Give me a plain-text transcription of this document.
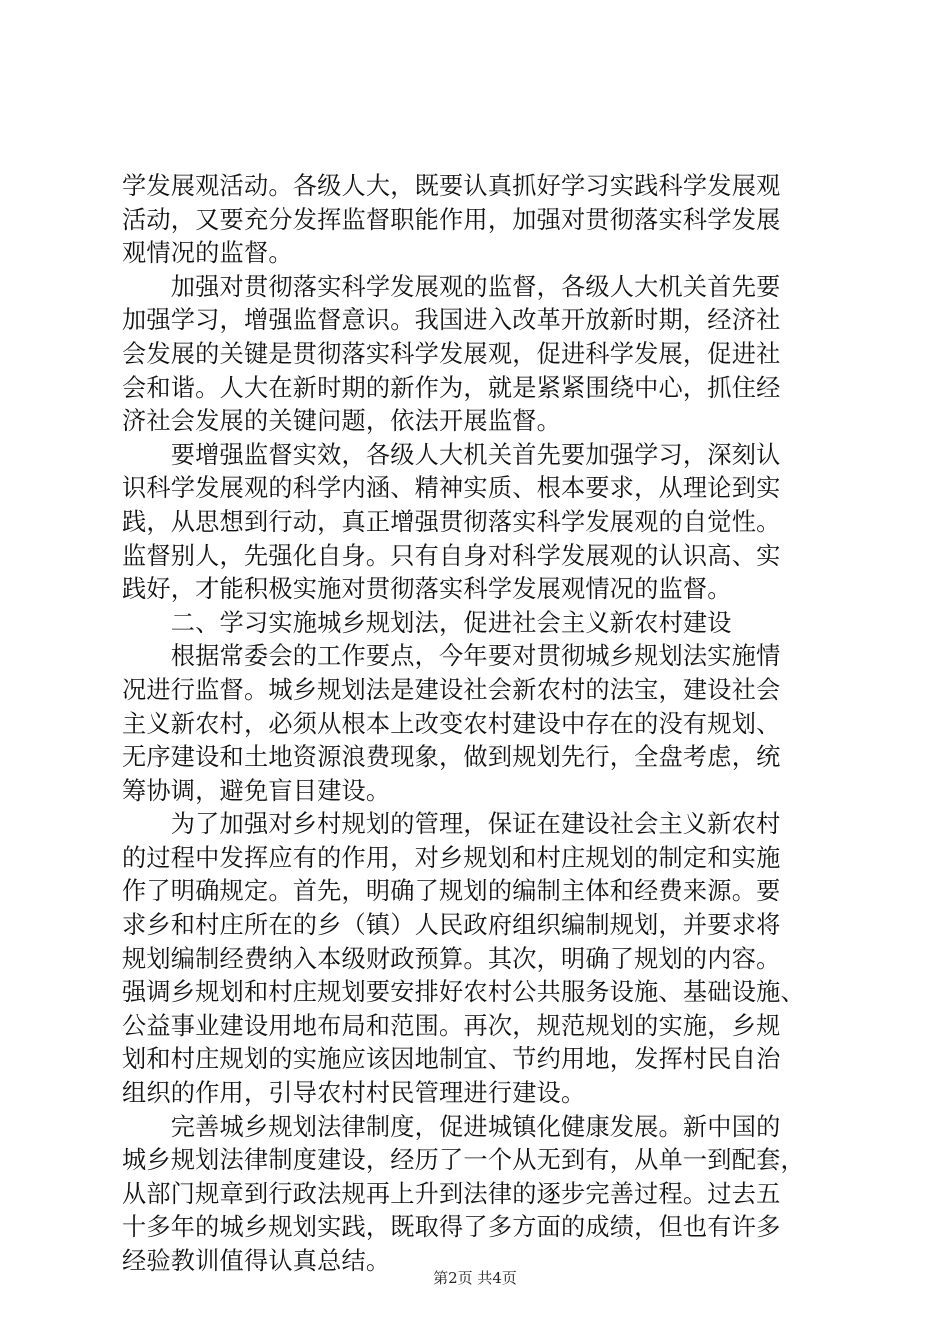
学发展观活动。各级人大，既要认真抓好学习实践科学发展观
活动，又要充分发挥监督职能作用，加强对贯彻落实科学发展
观情况的监督。
　　加强对贯彻落实科学发展观的监督，各级人大机关首先要
加强学习，增强监督意识。我国进入改革开放新时期，经济社
会发展的关键是贯彻落实科学发展观，促进科学发展，促进社
会和谐。人大在新时期的新作为，就是紧紧围绕中心，抓住经
济社会发展的关键问题，依法开展监督。
　　要增强监督实效，各级人大机关首先要加强学习，深刻认
识科学发展观的科学内涵、精神实质、根本要求，从理论到实
践，从思想到行动，真正增强贯彻落实科学发展观的自觉性。
监督别人，先强化自身。只有自身对科学发展观的认识高、实
践好，才能积极实施对贯彻落实科学发展观情况的监督。
　　二、学习实施城乡规划法，促进社会主义新农村建设
　　根据常委会的工作要点，今年要对贯彻城乡规划法实施情
况进行监督。城乡规划法是建设社会新农村的法宝，建设社会
主义新农村，必须从根本上改变农村建设中存在的没有规划、
无序建设和土地资源浪费现象，做到规划先行，全盘考虑，统
筹协调，避免盲目建设。
　　为了加强对乡村规划的管理，保证在建设社会主义新农村
的过程中发挥应有的作用，对乡规划和村庄规划的制定和实施
作了明确规定。首先，明确了规划的编制主体和经费来源。要
求乡和村庄所在的乡（镇）人民政府组织编制规划，并要求将
规划编制经费纳入本级财政预算。其次，明确了规划的内容。
强调乡规划和村庄规划要安排好农村公共服务设施、基础设施、
公益事业建设用地布局和范围。再次，规范规划的实施，乡规
划和村庄规划的实施应该因地制宜、节约用地，发挥村民自治
组织的作用，引导农村村民管理进行建设。
　　完善城乡规划法律制度，促进城镇化健康发展。新中国的
城乡规划法律制度建设，经历了一个从无到有，从单一到配套，
从部门规章到行政法规再上升到法律的逐步完善过程。过去五
十多年的城乡规划实践，既取得了多方面的成绩，但也有许多
经验教训值得认真总结。
第2页 共4页
